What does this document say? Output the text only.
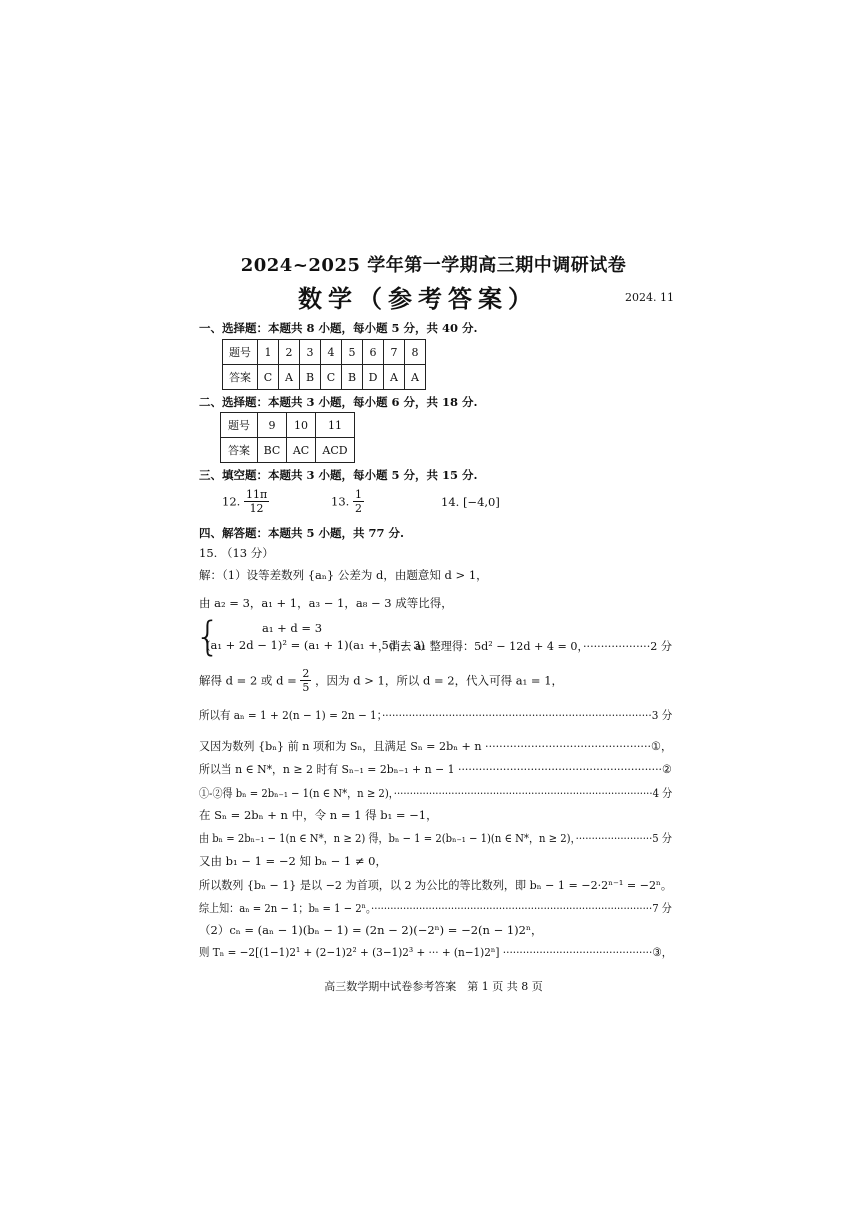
2024~2025 学年第一学期高三期中调研试卷
数学（参考答案）	2024. 11
一、选择题：本题共 8 小题，每小题 5 分，共 40 分.
题号	1	2	3	4	5	6	7	8
答案	C	A	B	C	B	D	A	A
二、选择题：本题共 3 小题，每小题 6 分，共 18 分.
题号	9	10	11
答案	BC	AC	ACD
三、填空题：本题共 3 小题，每小题 5 分，共 15 分.
12. $\frac{11\pi}{12}$	13. $\frac{1}{2}$	14. [−4,0]
四、解答题：本题共 5 小题，共 77 分.
15. （13 分）
解：（1）设等差数列 {aₙ} 公差为 d，由题意知 d > 1，
由 a₂ = 3，a₁ + 1，a₃ − 1，a₈ − 3 成等比得，
{	a₁ + d = 3
(a₁ + 2d − 1)² = (a₁ + 1)(a₁ + 5d − 3)
，消去 a₁ 整理得：5d² − 12d + 4 = 0，···················2 分
解得 d = 2 或 $d = \frac{2}{5}$ ，因为 d > 1，所以 d = 2，代入可得 a₁ = 1，
所以有 aₙ = 1 + 2(n − 1) = 2n − 1；·················································································3 分
又因为数列 {bₙ} 前 n 项和为 Sₙ，且满足 Sₙ = 2bₙ + n ···············································①，
所以当 n ∈ N*，n ≥ 2 时有 Sₙ₋₁ = 2bₙ₋₁ + n − 1 ···························································②
①-②得 bₙ = 2bₙ₋₁ − 1(n ∈ N*，n ≥ 2)，·················································································4 分
在 Sₙ = 2bₙ + n 中，令 n = 1 得 b₁ = −1，
由 bₙ = 2bₙ₋₁ − 1(n ∈ N*，n ≥ 2) 得，bₙ − 1 = 2(bₙ₋₁ − 1)(n ∈ N*，n ≥ 2)，························5 分
又由 b₁ − 1 = −2 知 bₙ − 1 ≠ 0，
所以数列 {bₙ − 1} 是以 −2 为首项，以 2 为公比的等比数列，即 bₙ − 1 = −2·2ⁿ⁻¹ = −2ⁿ。
综上知：aₙ = 2n − 1；bₙ = 1 − 2ⁿ。························································································7 分
（2）cₙ = (aₙ − 1)(bₙ − 1) = (2n − 2)(−2ⁿ) = −2(n − 1)2ⁿ，
则 Tₙ = −2[(1−1)2¹ + (2−1)2² + (3−1)2³ + ··· + (n−1)2ⁿ] ·············································③，
高三数学期中试卷参考答案　第 1 页 共 8 页
